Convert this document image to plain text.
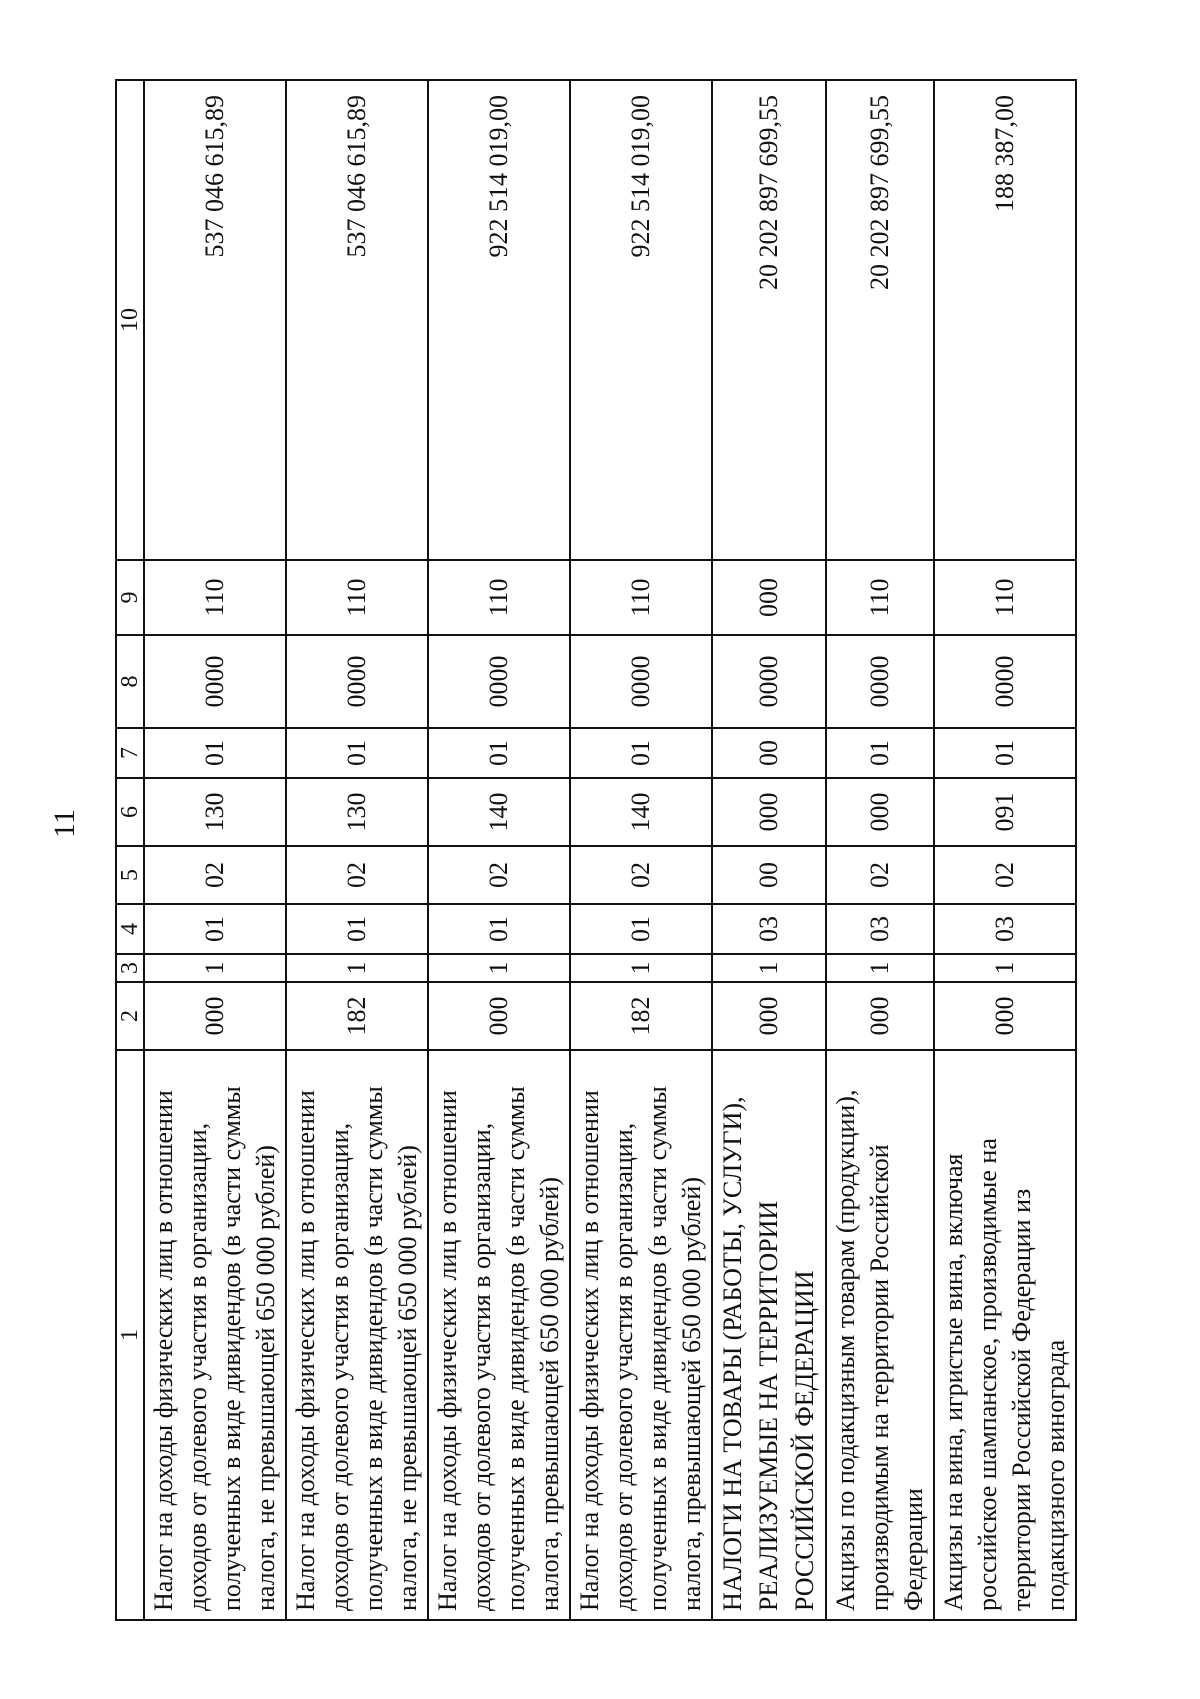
11
1	2	3	4	5	6	7	8	9	10
Налог на доходы физических лиц в отношении доходов от долевого участия в организации, полученных в виде дивидендов (в части суммы налога, не превышающей 650 000 рублей)	000	1	01	02	130	01	0000	110	537 046 615,89
Налог на доходы физических лиц в отношении доходов от долевого участия в организации, полученных в виде дивидендов (в части суммы налога, не превышающей 650 000 рублей)	182	1	01	02	130	01	0000	110	537 046 615,89
Налог на доходы физических лиц в отношении доходов от долевого участия в организации, полученных в виде дивидендов (в части суммы налога, превышающей 650 000 рублей)	000	1	01	02	140	01	0000	110	922 514 019,00
Налог на доходы физических лиц в отношении доходов от долевого участия в организации, полученных в виде дивидендов (в части суммы налога, превышающей 650 000 рублей)	182	1	01	02	140	01	0000	110	922 514 019,00
НАЛОГИ НА ТОВАРЫ (РАБОТЫ, УСЛУГИ), РЕАЛИЗУЕМЫЕ НА ТЕРРИТОРИИ РОССИЙСКОЙ ФЕДЕРАЦИИ	000	1	03	00	000	00	0000	000	20 202 897 699,55
Акцизы по подакцизным товарам (продукции), производимым на территории Российской Федерации	000	1	03	02	000	01	0000	110	20 202 897 699,55
Акцизы на вина, игристые вина, включая российское шампанское, производимые на территории Российской Федерации из подакцизного винограда	000	1	03	02	091	01	0000	110	188 387,00
